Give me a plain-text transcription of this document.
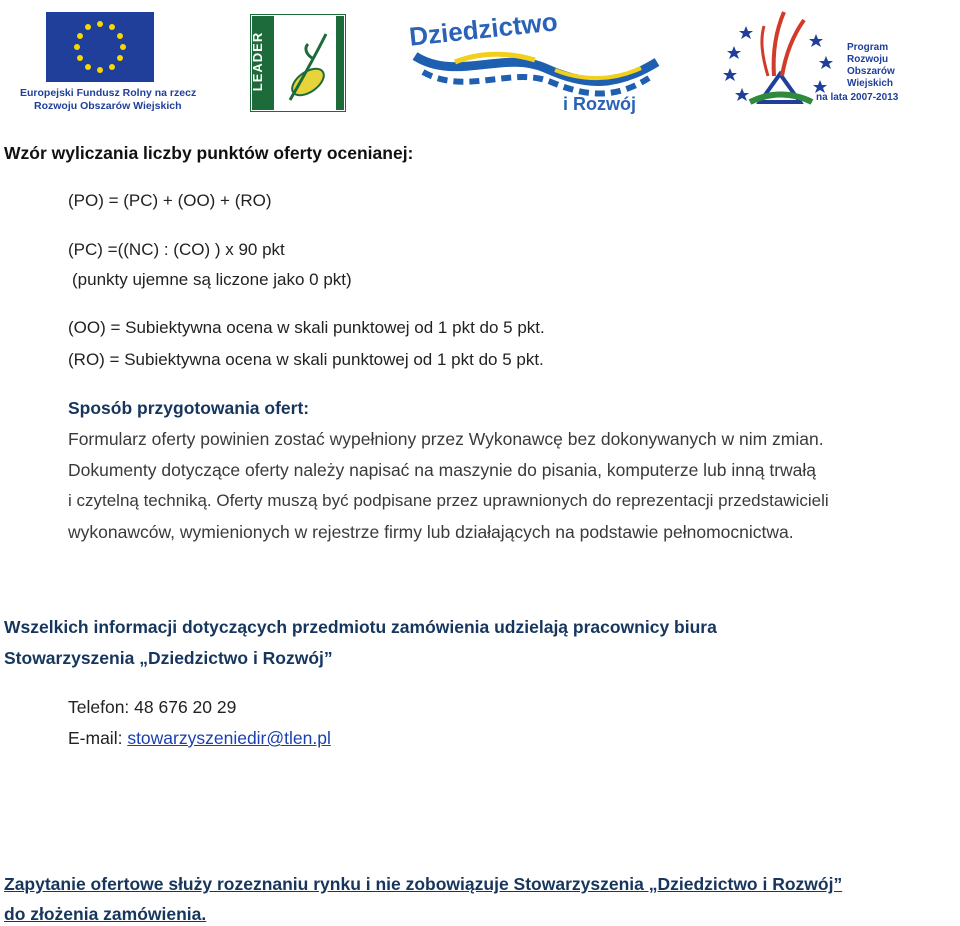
Europejski Fundusz Rolny na rzecz
Rozwoju Obszarów Wiejskich
LEADER
Dziedzictwo
i Rozwój
Program
Rozwoju
Obszarów
Wiejskich
na lata 2007-2013
Wzór wyliczania liczby punktów oferty ocenianej:
(PO) = (PC) + (OO) + (RO)
(PC) =((NC) : (CO) ) x 90 pkt
(punkty ujemne są liczone jako 0 pkt)
(OO) = Subiektywna ocena w skali punktowej od 1 pkt do 5 pkt.
(RO) = Subiektywna ocena w skali punktowej od 1 pkt do 5 pkt.
Sposób przygotowania ofert:
Formularz oferty powinien zostać wypełniony przez Wykonawcę bez dokonywanych w nim zmian.
Dokumenty dotyczące oferty należy napisać na maszynie do pisania, komputerze lub inną trwałą
i czytelną techniką. Oferty muszą być podpisane przez uprawnionych do reprezentacji przedstawicieli
wykonawców, wymienionych w rejestrze firmy lub działających na podstawie pełnomocnictwa.
Wszelkich informacji dotyczących przedmiotu zamówienia udzielają pracownicy biura
Stowarzyszenia „Dziedzictwo i Rozwój”
Telefon: 48 676 20 29
E-mail: stowarzyszeniedir@tlen.pl
Zapytanie ofertowe służy rozeznaniu rynku i nie zobowiązuje Stowarzyszenia „Dziedzictwo i Rozwój”
do złożenia zamówienia.
